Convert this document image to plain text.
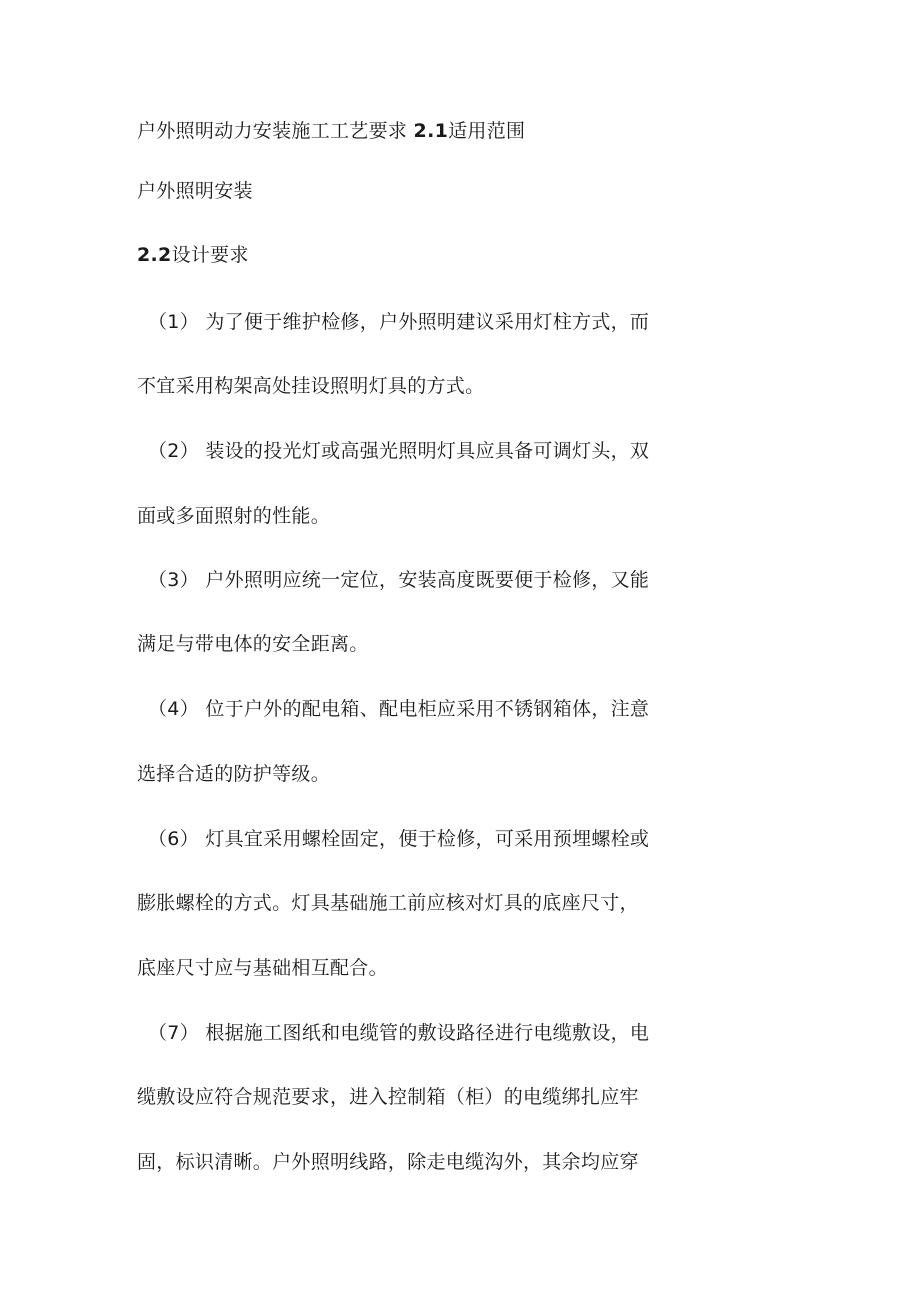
户外照明动力安装施工工艺要求 2.1适用范围
户外照明安装
2.2设计要求
（1） 为了便于维护检修，户外照明建议采用灯柱方式，而
不宜采用构架高处挂设照明灯具的方式。
（2） 装设的投光灯或高强光照明灯具应具备可调灯头，双
面或多面照射的性能。
（3） 户外照明应统一定位，安装高度既要便于检修，又能
满足与带电体的安全距离。
（4） 位于户外的配电箱、配电柜应采用不锈钢箱体，注意
选择合适的防护等级。
（6） 灯具宜采用螺栓固定，便于检修，可采用预埋螺栓或
膨胀螺栓的方式。灯具基础施工前应核对灯具的底座尺寸，
底座尺寸应与基础相互配合。
（7） 根据施工图纸和电缆管的敷设路径进行电缆敷设，电
缆敷设应符合规范要求，进入控制箱（柜）的电缆绑扎应牢
固，标识清晰。户外照明线路，除走电缆沟外，其余均应穿
